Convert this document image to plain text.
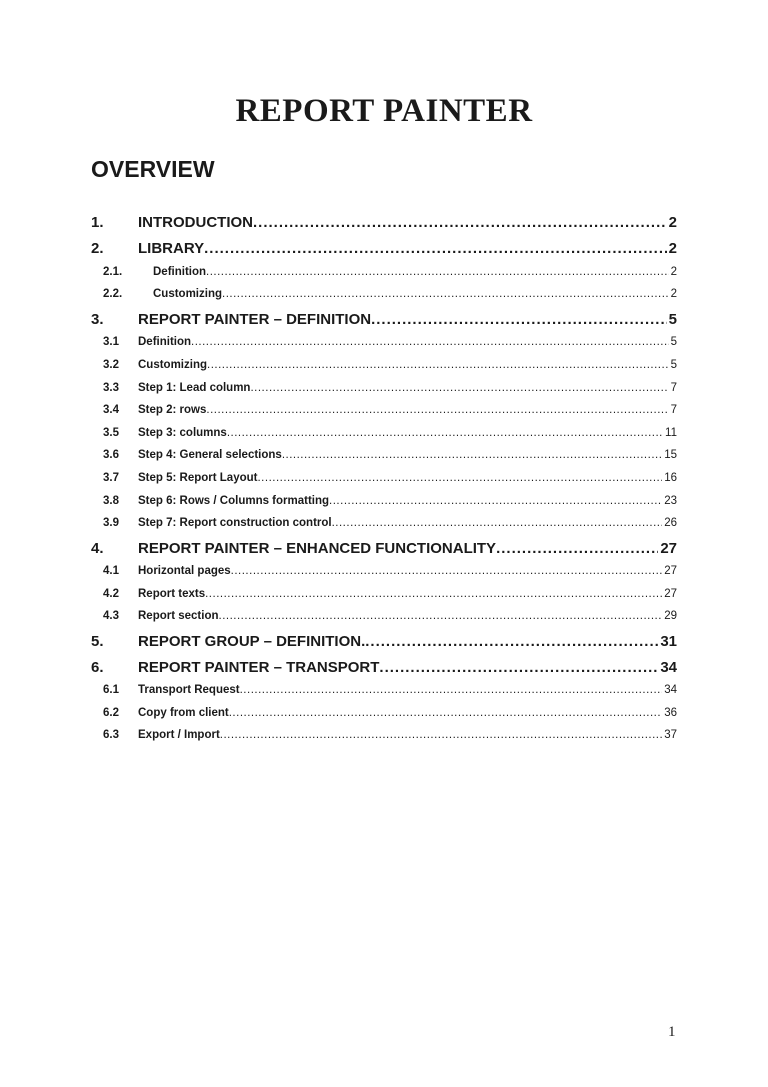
REPORT PAINTER
OVERVIEW
1.	INTRODUCTION .....	2
2.	LIBRARY .....	2
2.1.	Definition .....	2
2.2.	Customizing .....	2
3.	REPORT PAINTER – DEFINITION .....	5
3.1	Definition .....	5
3.2	Customizing .....	5
3.3	Step 1: Lead column .....	7
3.4	Step 2: rows .....	7
3.5	Step 3: columns .....	11
3.6	Step 4: General selections .....	15
3.7	Step 5: Report Layout .....	16
3.8	Step 6: Rows / Columns formatting .....	23
3.9	Step 7: Report construction control .....	26
4.	REPORT PAINTER – ENHANCED FUNCTIONALITY .....	27
4.1	Horizontal pages .....	27
4.2	Report texts .....	27
4.3	Report section .....	29
5.	REPORT GROUP – DEFINITION. .....	31
6.	REPORT PAINTER – TRANSPORT .....	34
6.1	Transport Request .....	34
6.2	Copy from client .....	36
6.3	Export / Import .....	37
1
